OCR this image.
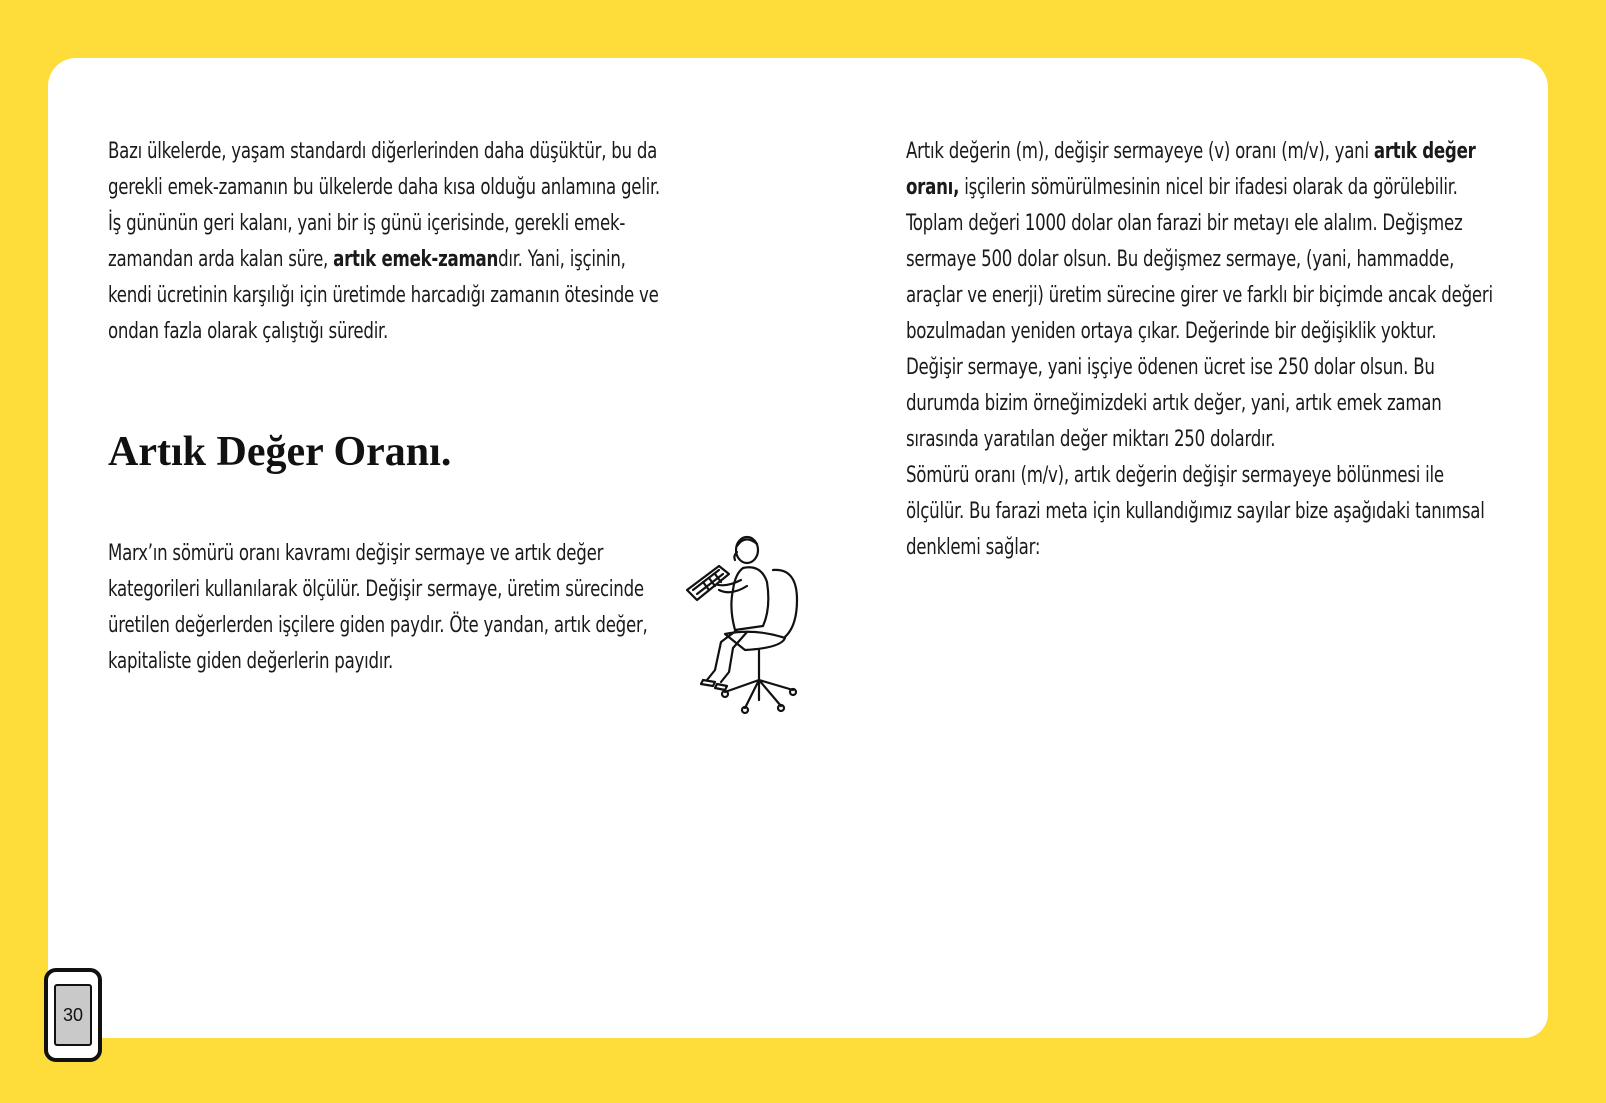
Bazı ülkelerde, yaşam standardı diğerlerinden daha düşüktür, bu da gerekli emek-zamanın bu ülkelerde daha kısa olduğu anlamına gelir. İş gününün geri kalanı, yani bir iş günü içerisinde, gerekli emek-zamandan arda kalan süre, artık emek-zamandır. Yani, işçinin, kendi ücretinin karşılığı için üretimde harcadığı zamanın ötesinde ve ondan fazla olarak çalıştığı süredir.

Artık Değer Oranı.

Marx’ın sömürü oranı kavramı değişir sermaye ve artık değer kategorileri kullanılarak ölçülür. Değişir sermaye, üretim sürecinde üretilen değerlerden işçilere giden paydır. Öte yandan, artık değer, kapitaliste giden değerlerin payıdır.

Artık değerin (m), değişir sermayeye (v) oranı (m/v), yani artık değer oranı, işçilerin sömürülmesinin nicel bir ifadesi olarak da görülebilir.

Toplam değeri 1000 dolar olan farazi bir metayı ele alalım. Değişmez sermaye 500 dolar olsun. Bu değişmez sermaye, (yani, hammadde, araçlar ve enerji) üretim sürecine girer ve farklı bir biçimde ancak değeri bozulmadan yeniden ortaya çıkar. Değerinde bir değişiklik yoktur. Değişir sermaye, yani işçiye ödenen ücret ise 250 dolar olsun. Bu durumda bizim örneğimizdeki artık değer, yani, artık emek zaman sırasında yaratılan değer miktarı 250 dolardır.

Sömürü oranı (m/v), artık değerin değişir sermayeye bölünmesi ile ölçülür. Bu farazi meta için kullandığımız sayılar bize aşağıdaki tanımsal denklemi sağlar:

30
